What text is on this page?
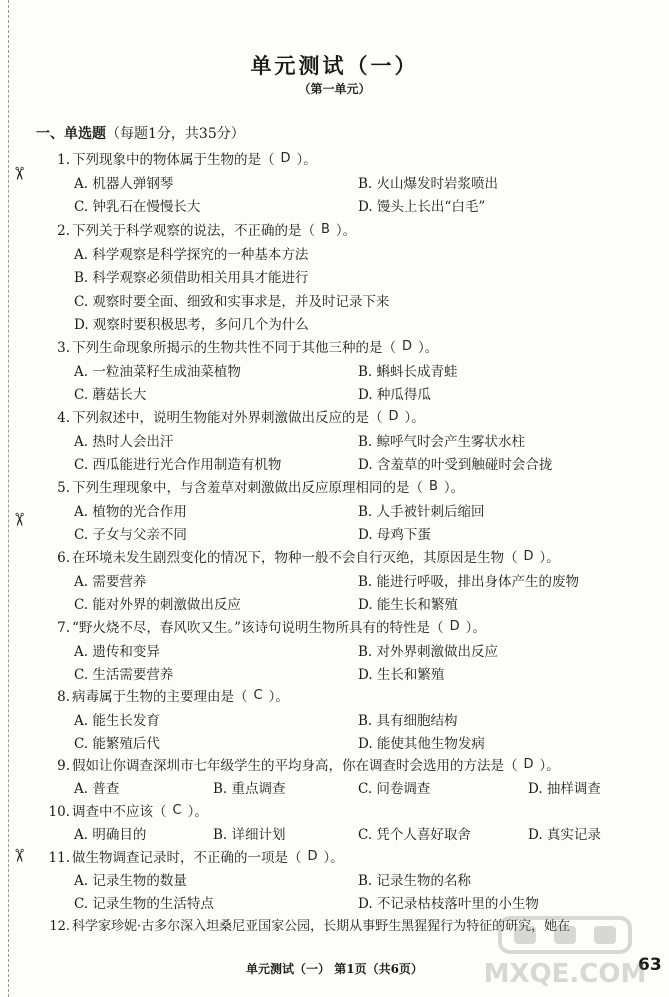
✂
✂
✂
单元测试（一）
（第一单元）
一、单选题（每题1分，共35分）
1. 下列现象中的物体属于生物的是（ D ）。
A. 机器人弹钢琴	B. 火山爆发时岩浆喷出
C. 钟乳石在慢慢长大	D. 馒头上长出“白毛”
2. 下列关于科学观察的说法，不正确的是（ B ）。
A. 科学观察是科学探究的一种基本方法
B. 科学观察必须借助相关用具才能进行
C. 观察时要全面、细致和实事求是，并及时记录下来
D. 观察时要积极思考，多问几个为什么
3. 下列生命现象所揭示的生物共性不同于其他三种的是（ D ）。
A. 一粒油菜籽生成油菜植物	B. 蝌蚪长成青蛙
C. 蘑菇长大	D. 种瓜得瓜
4. 下列叙述中，说明生物能对外界刺激做出反应的是（ D ）。
A. 热时人会出汗	B. 鲸呼气时会产生雾状水柱
C. 西瓜能进行光合作用制造有机物	D. 含羞草的叶受到触碰时会合拢
5. 下列生理现象中，与含羞草对刺激做出反应原理相同的是（ B ）。
A. 植物的光合作用	B. 人手被针刺后缩回
C. 子女与父亲不同	D. 母鸡下蛋
6. 在环境未发生剧烈变化的情况下，物种一般不会自行灭绝，其原因是生物（ D ）。
A. 需要营养	B. 能进行呼吸，排出身体产生的废物
C. 能对外界的刺激做出反应	D. 能生长和繁殖
7. “野火烧不尽，春风吹又生。”该诗句说明生物所具有的特性是（ D ）。
A. 遗传和变异	B. 对外界刺激做出反应
C. 生活需要营养	D. 生长和繁殖
8. 病毒属于生物的主要理由是（ C ）。
A. 能生长发育	B. 具有细胞结构
C. 能繁殖后代	D. 能使其他生物发病
9. 假如让你调查深圳市七年级学生的平均身高，你在调查时会选用的方法是（ D ）。
A. 普查	B. 重点调查	C. 问卷调查	D. 抽样调查
10. 调查中不应该（ C ）。
A. 明确目的	B. 详细计划	C. 凭个人喜好取舍	D. 真实记录
11. 做生物调查记录时，不正确的一项是（ D ）。
A. 记录生物的数量	B. 记录生物的名称
C. 记录生物的生活特点	D. 不记录枯枝落叶里的小生物
12. 科学家珍妮·古多尔深入坦桑尼亚国家公园，长期从事野生黑猩猩行为特征的研究，她在
单元测试（一） 第1页（共6页）	63
MXQE.COM
